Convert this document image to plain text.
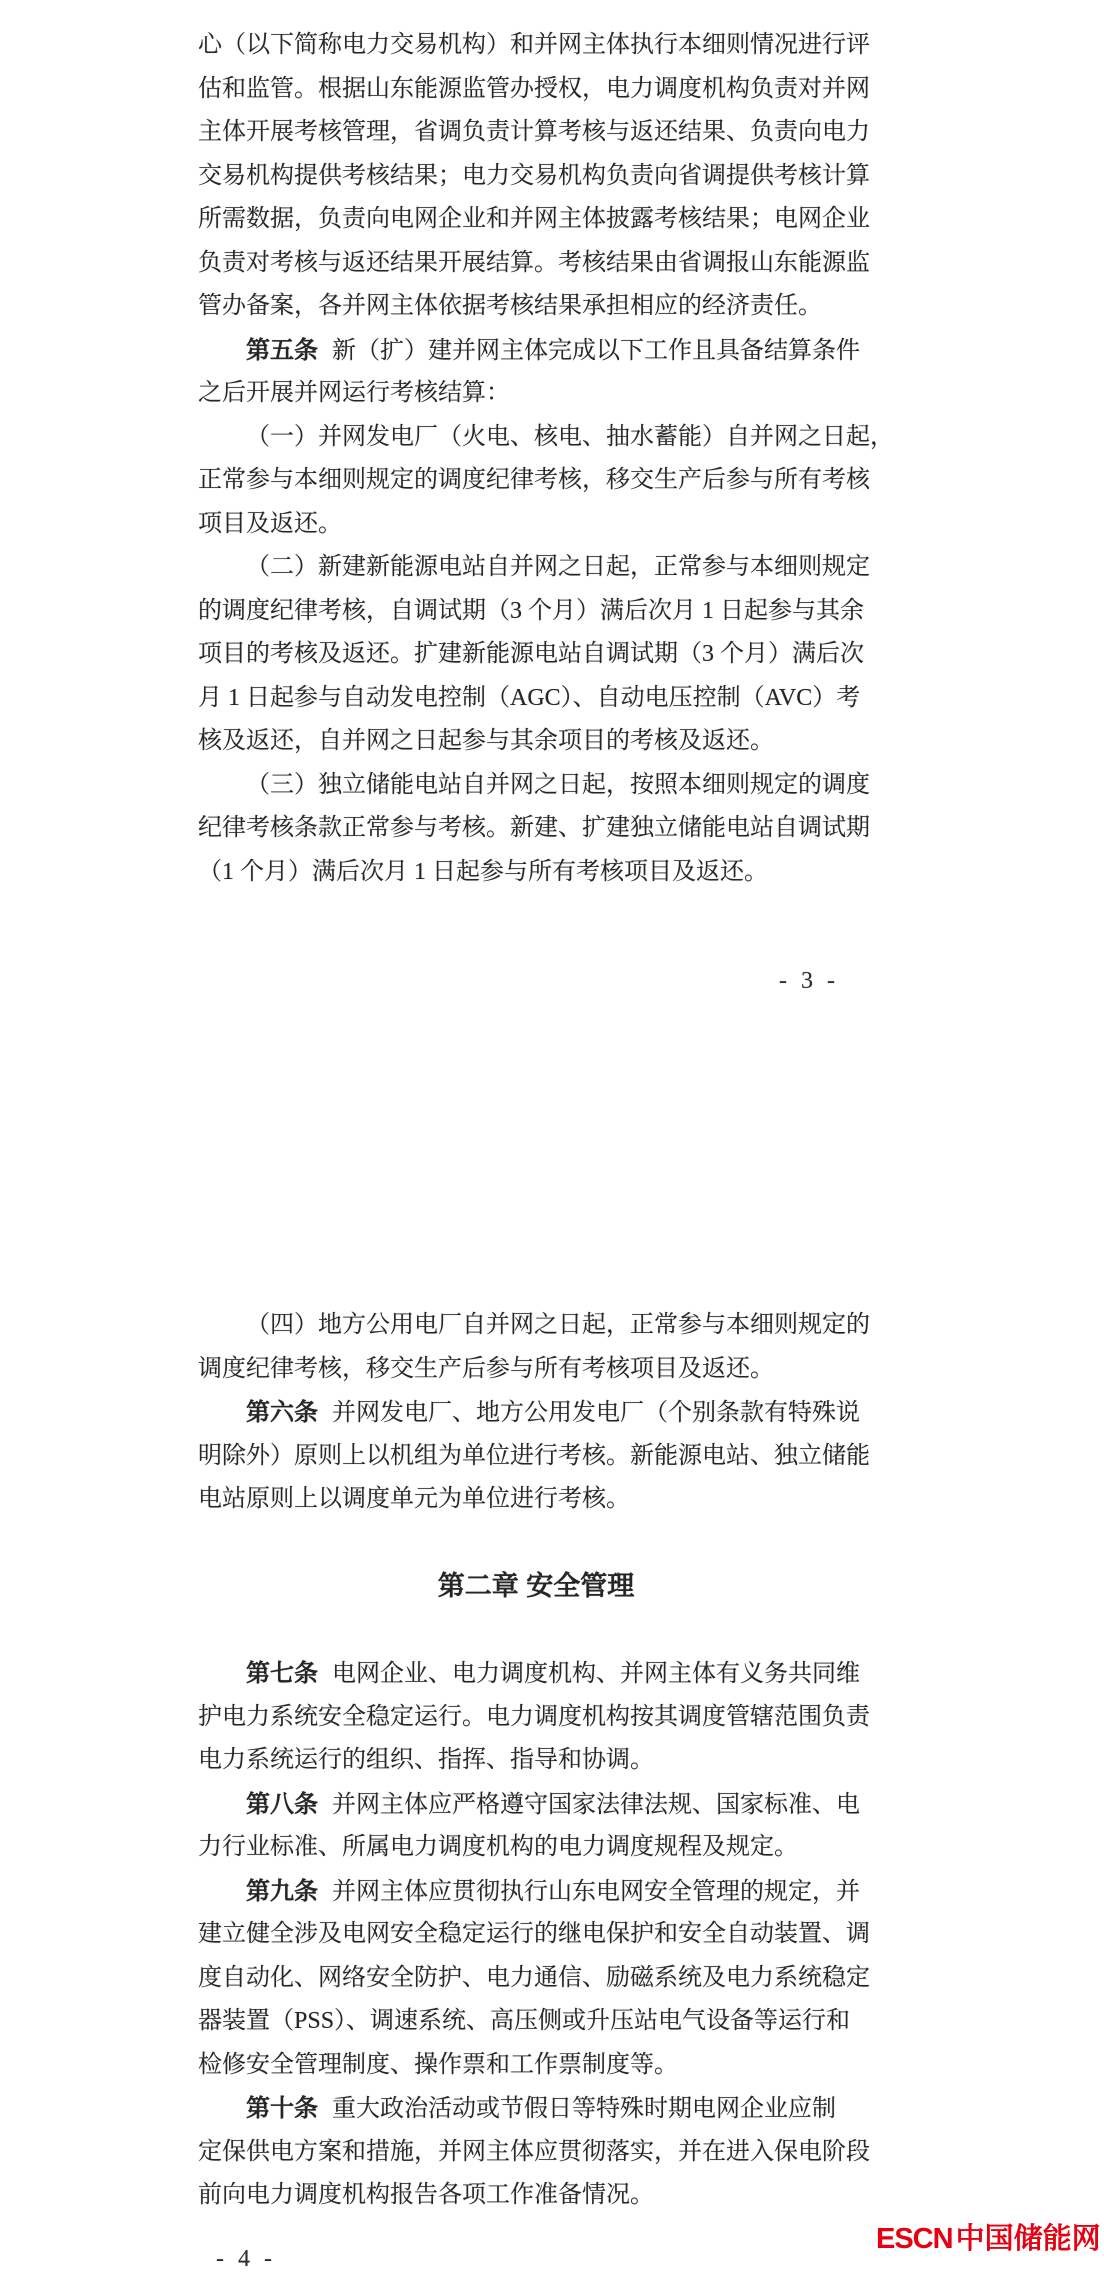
心（以下简称电力交易机构）和并网主体执行本细则情况进行评
估和监管。根据山东能源监管办授权，电力调度机构负责对并网
主体开展考核管理，省调负责计算考核与返还结果、负责向电力
交易机构提供考核结果；电力交易机构负责向省调提供考核计算
所需数据，负责向电网企业和并网主体披露考核结果；电网企业
负责对考核与返还结果开展结算。考核结果由省调报山东能源监
管办备案，各并网主体依据考核结果承担相应的经济责任。
第五条 新（扩）建并网主体完成以下工作且具备结算条件
之后开展并网运行考核结算：
（一）并网发电厂（火电、核电、抽水蓄能）自并网之日起，
正常参与本细则规定的调度纪律考核，移交生产后参与所有考核
项目及返还。
（二）新建新能源电站自并网之日起，正常参与本细则规定
的调度纪律考核，自调试期（3 个月）满后次月 1 日起参与其余
项目的考核及返还。扩建新能源电站自调试期（3 个月）满后次
月 1 日起参与自动发电控制（AGC）、自动电压控制（AVC）考
核及返还，自并网之日起参与其余项目的考核及返还。
（三）独立储能电站自并网之日起，按照本细则规定的调度
纪律考核条款正常参与考核。新建、扩建独立储能电站自调试期
（1 个月）满后次月 1 日起参与所有考核项目及返还。
- 3 -
（四）地方公用电厂自并网之日起，正常参与本细则规定的
调度纪律考核，移交生产后参与所有考核项目及返还。
第六条 并网发电厂、地方公用发电厂（个别条款有特殊说
明除外）原则上以机组为单位进行考核。新能源电站、独立储能
电站原则上以调度单元为单位进行考核。
第二章 安全管理
第七条 电网企业、电力调度机构、并网主体有义务共同维
护电力系统安全稳定运行。电力调度机构按其调度管辖范围负责
电力系统运行的组织、指挥、指导和协调。
第八条 并网主体应严格遵守国家法律法规、国家标准、电
力行业标准、所属电力调度机构的电力调度规程及规定。
第九条 并网主体应贯彻执行山东电网安全管理的规定，并
建立健全涉及电网安全稳定运行的继电保护和安全自动装置、调
度自动化、网络安全防护、电力通信、励磁系统及电力系统稳定
器装置（PSS）、调速系统、高压侧或升压站电气设备等运行和
检修安全管理制度、操作票和工作票制度等。
第十条 重大政治活动或节假日等特殊时期电网企业应制
定保供电方案和措施，并网主体应贯彻落实，并在进入保电阶段
前向电力调度机构报告各项工作准备情况。
- 4 -
ESCN 中国储能网
